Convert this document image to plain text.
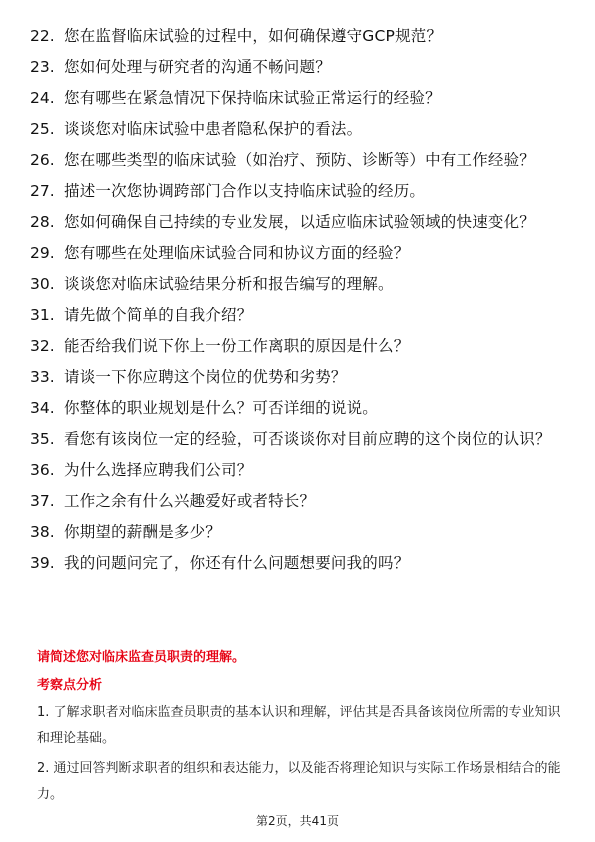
22. 您在监督临床试验的过程中，如何确保遵守GCP规范？
23. 您如何处理与研究者的沟通不畅问题？
24. 您有哪些在紧急情况下保持临床试验正常运行的经验？
25. 谈谈您对临床试验中患者隐私保护的看法。
26. 您在哪些类型的临床试验（如治疗、预防、诊断等）中有工作经验？
27. 描述一次您协调跨部门合作以支持临床试验的经历。
28. 您如何确保自己持续的专业发展，以适应临床试验领域的快速变化？
29. 您有哪些在处理临床试验合同和协议方面的经验？
30. 谈谈您对临床试验结果分析和报告编写的理解。
31. 请先做个简单的自我介绍？
32. 能否给我们说下你上一份工作离职的原因是什么？
33. 请谈一下你应聘这个岗位的优势和劣势？
34. 你整体的职业规划是什么？可否详细的说说。
35. 看您有该岗位一定的经验，可否谈谈你对目前应聘的这个岗位的认识？
36. 为什么选择应聘我们公司？
37. 工作之余有什么兴趣爱好或者特长？
38. 你期望的薪酬是多少？
39. 我的问题问完了，你还有什么问题想要问我的吗？
请简述您对临床监查员职责的理解。
考察点分析
1. 了解求职者对临床监查员职责的基本认识和理解，评估其是否具备该岗位所需的专业知识和理论基础。
2. 通过回答判断求职者的组织和表达能力，以及能否将理论知识与实际工作场景相结合的能力。
第2页，共41页
